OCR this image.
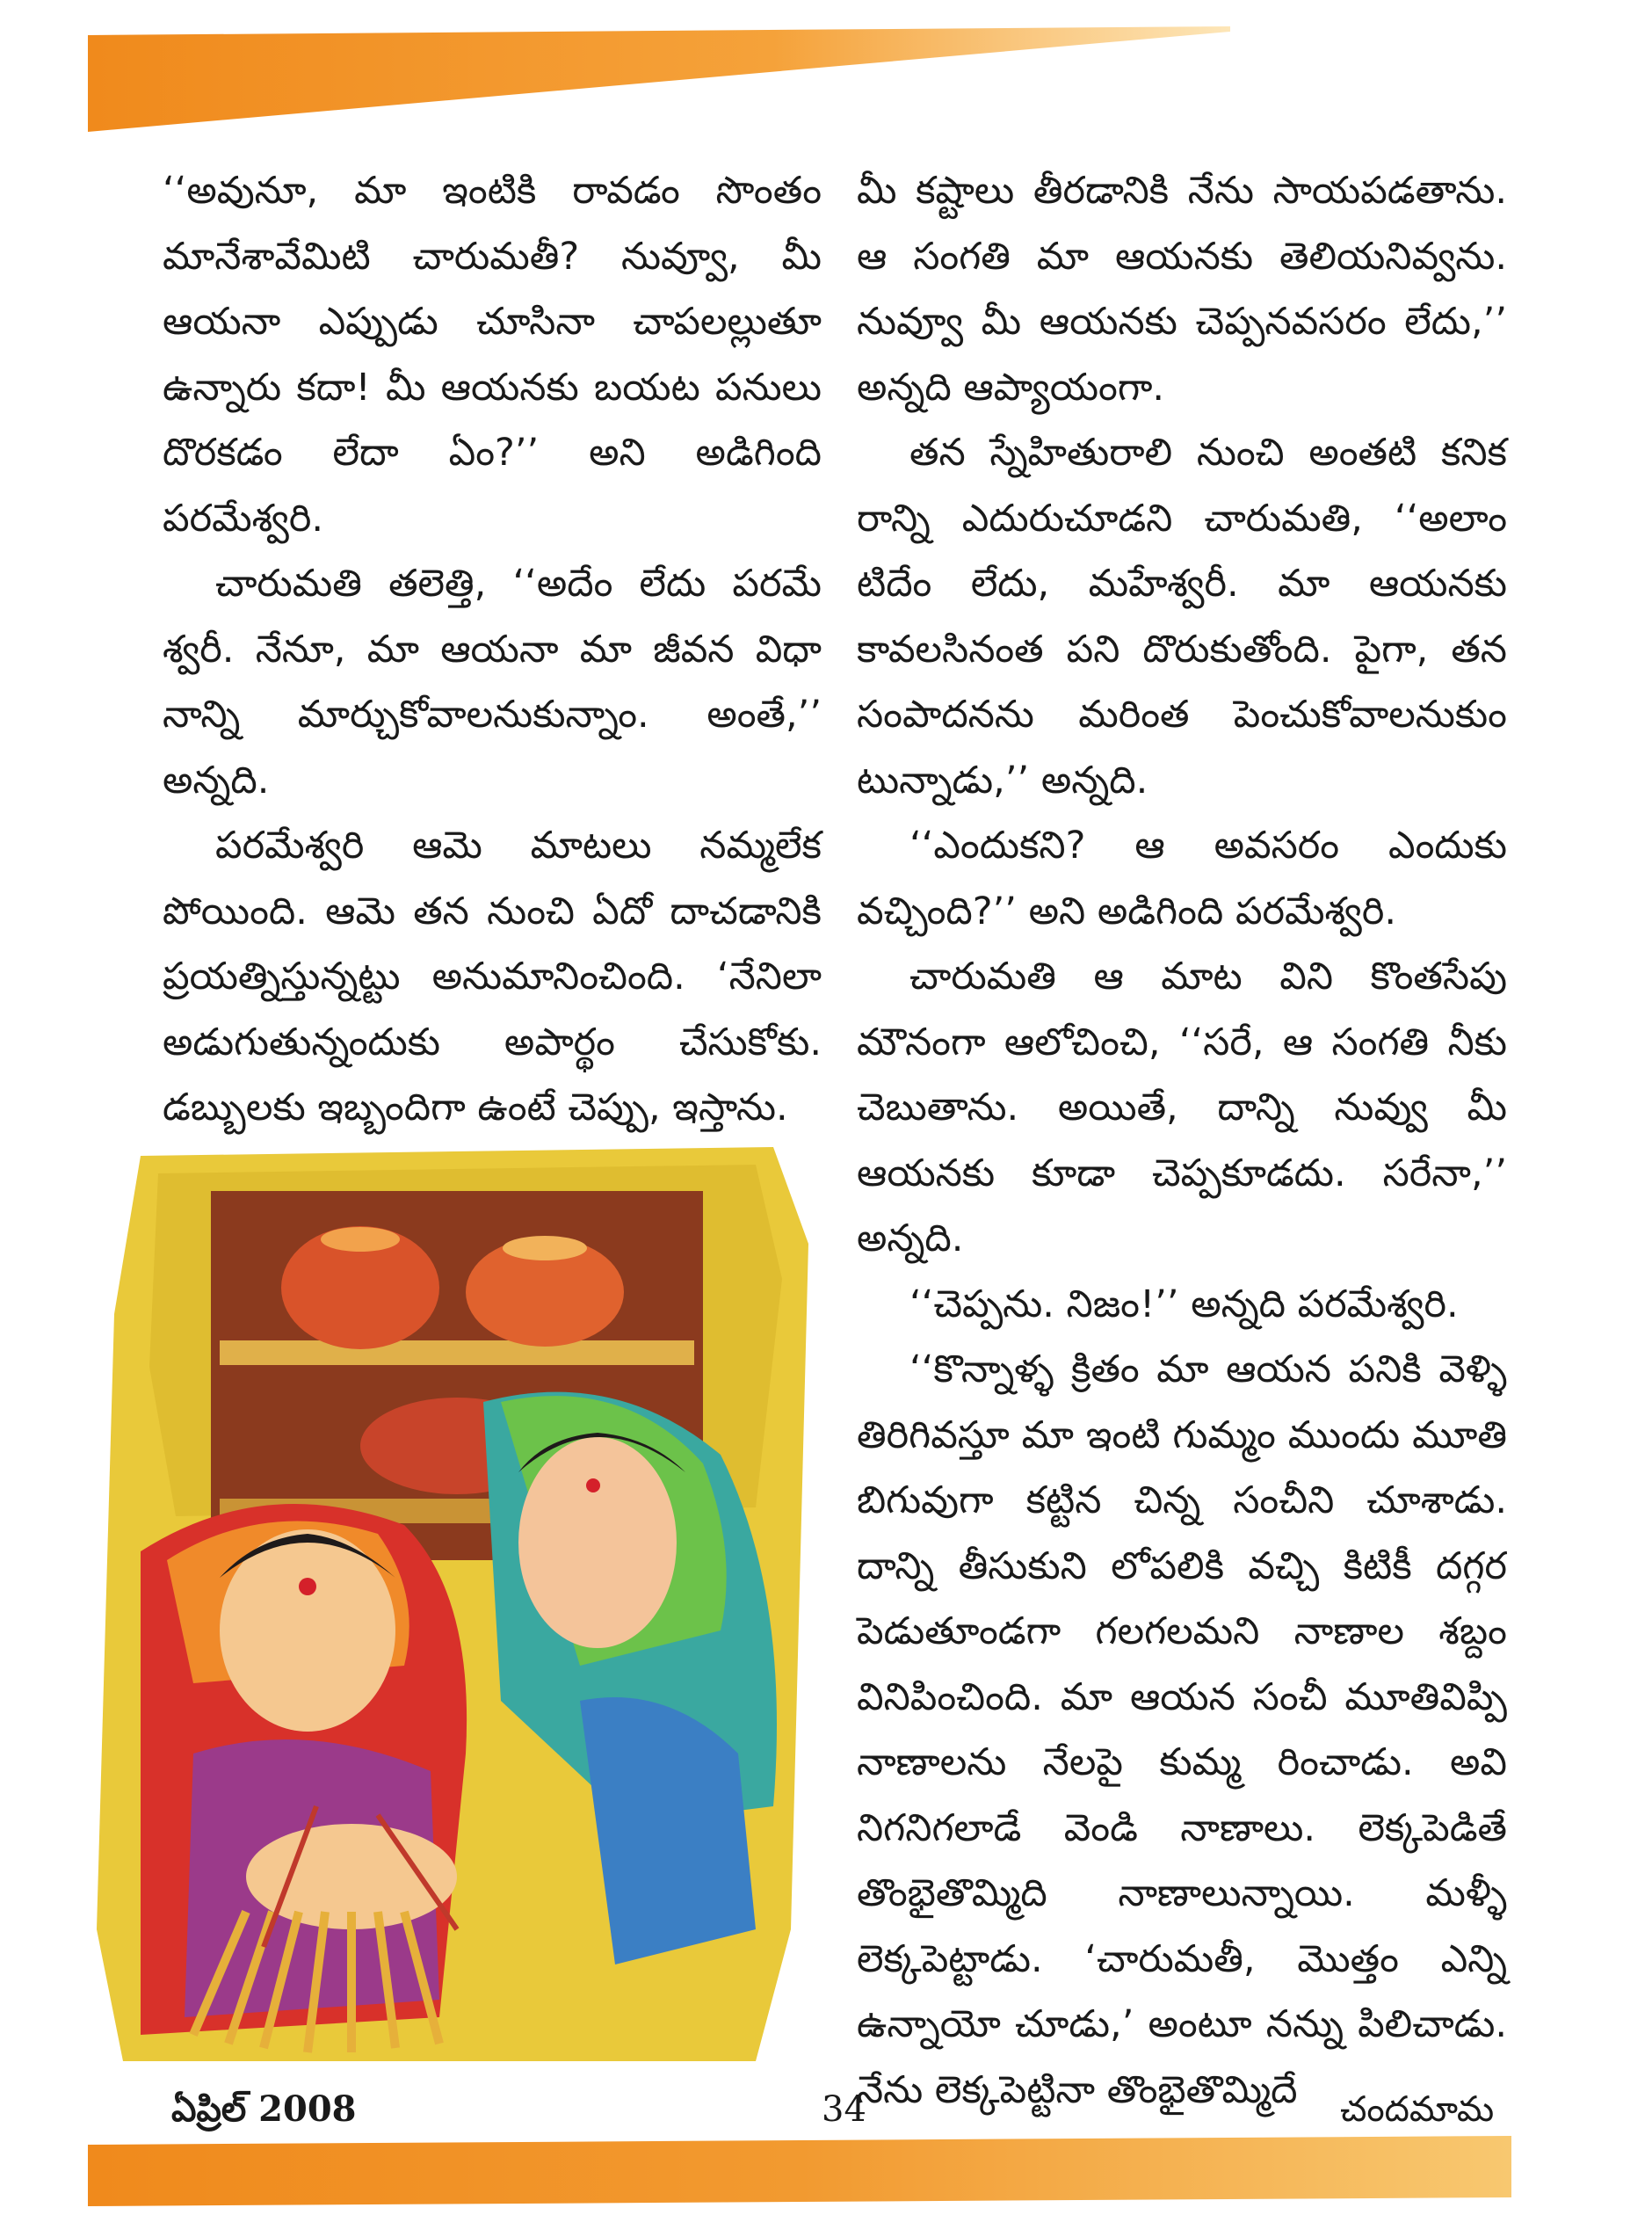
‘‘అవునూ, మా ఇంటికి రావడం సొంతం మానేశావేమిటి చారుమతీ? నువ్వూ, మీ ఆయనా ఎప్పుడు చూసినా చాపలల్లుతూ ఉన్నారు కదా! మీ ఆయనకు బయట పనులు దొరకడం లేదా ఏం?’’ అని అడిగింది పరమేశ్వరి.

చారుమతి తలెత్తి, ‘‘అదేం లేదు పరమే శ్వరీ. నేనూ, మా ఆయనా మా జీవన విధా నాన్ని మార్చుకోవాలనుకున్నాం. అంతే,’’ అన్నది.

పరమేశ్వరి ఆమె మాటలు నమ్మలేక పోయింది. ఆమె తన నుంచి ఏదో దాచడానికి ప్రయత్నిస్తున్నట్టు అనుమానించింది. ‘నేనిలా అడుగుతున్నందుకు అపార్థం చేసుకోకు. డబ్బులకు ఇబ్బందిగా ఉంటే చెప్పు, ఇస్తాను.

మీ కష్టాలు తీరడానికి నేను సాయపడతాను. ఆ సంగతి మా ఆయనకు తెలియనివ్వను. నువ్వూ మీ ఆయనకు చెప్పనవసరం లేదు,’’ అన్నది ఆప్యాయంగా.

తన స్నేహితురాలి నుంచి అంతటి కనిక రాన్ని ఎదురుచూడని చారుమతి, ‘‘అలాం టిదేం లేదు, మహేశ్వరీ. మా ఆయనకు కావలసినంత పని దొరుకుతోంది. పైగా, తన సంపాదనను మరింత పెంచుకోవాలనుకుం టున్నాడు,’’ అన్నది.

‘‘ఎందుకని? ఆ అవసరం ఎందుకు వచ్చింది?’’ అని అడిగింది పరమేశ్వరి.

చారుమతి ఆ మాట విని కొంతసేపు మౌనంగా ఆలోచించి, ‘‘సరే, ఆ సంగతి నీకు చెబుతాను. అయితే, దాన్ని నువ్వు మీ ఆయనకు కూడా చెప్పకూడదు. సరేనా,’’ అన్నది.

‘‘చెప్పను. నిజం!’’ అన్నది పరమేశ్వరి.

‘‘కొన్నాళ్ళ క్రితం మా ఆయన పనికి వెళ్ళి తిరిగివస్తూ మా ఇంటి గుమ్మం ముందు మూతి బిగువుగా కట్టిన చిన్న సంచీని చూశాడు. దాన్ని తీసుకుని లోపలికి వచ్చి కిటికీ దగ్గర పెడుతూండగా గలగలమని నాణాల శబ్దం వినిపించింది. మా ఆయన సంచీ మూతివిప్పి నాణాలను నేలపై కుమ్మ రించాడు. అవి నిగనిగలాడే వెండి నాణాలు. లెక్కపెడితే తొంభైతొమ్మిది నాణాలున్నాయి. మళ్ళీ లెక్కపెట్టాడు. ‘చారుమతీ, మొత్తం ఎన్ని ఉన్నాయో చూడు,’ అంటూ నన్ను పిలిచాడు. నేను లెక్కపెట్టినా తొంభైతొమ్మిదే

ఏప్రిల్ 2008	34	చందమామ
